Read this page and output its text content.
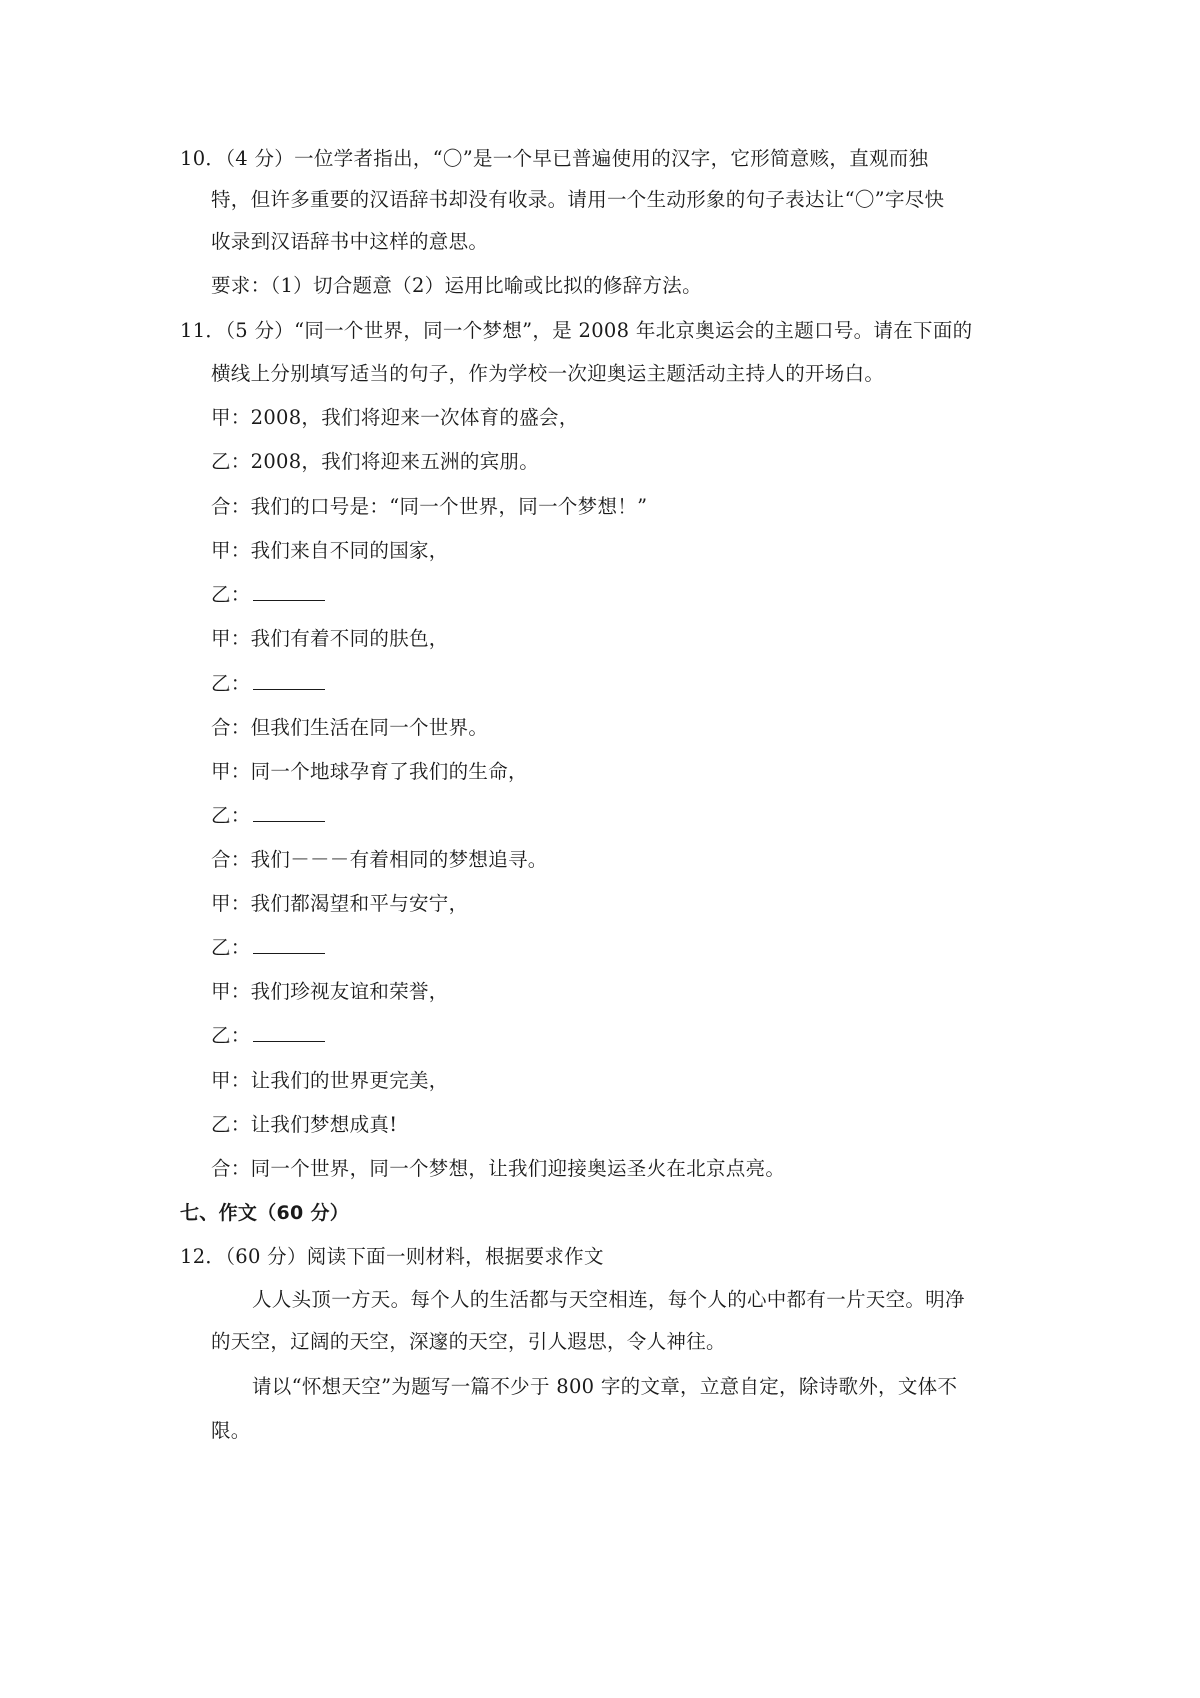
10．（4 分）一位学者指出，“〇”是一个早已普遍使用的汉字，它形简意赅，直观而独
特，但许多重要的汉语辞书却没有收录。请用一个生动形象的句子表达让“〇”字尽快
收录到汉语辞书中这样的意思。
要求：（1）切合题意（2）运用比喻或比拟的修辞方法。
11．（5 分）“同一个世界，同一个梦想”，是 2008 年北京奥运会的主题口号。请在下面的
横线上分别填写适当的句子，作为学校一次迎奥运主题活动主持人的开场白。
甲：2008，我们将迎来一次体育的盛会，
乙：2008，我们将迎来五洲的宾朋。
合：我们的口号是：“同一个世界，同一个梦想！”
甲：我们来自不同的国家，
乙：
甲：我们有着不同的肤色，
乙：
合：但我们生活在同一个世界。
甲：同一个地球孕育了我们的生命，
乙：
合：我们－－－有着相同的梦想追寻。
甲：我们都渴望和平与安宁，
乙：
甲：我们珍视友谊和荣誉，
乙：
甲：让我们的世界更完美，
乙：让我们梦想成真!
合：同一个世界，同一个梦想，让我们迎接奥运圣火在北京点亮。
七、作文（60 分）
12．（60 分）阅读下面一则材料，根据要求作文
人人头顶一方天。每个人的生活都与天空相连，每个人的心中都有一片天空。明净
的天空，辽阔的天空，深邃的天空，引人遐思，令人神往。
请以“怀想天空”为题写一篇不少于 800 字的文章，立意自定，除诗歌外，文体不
限。
